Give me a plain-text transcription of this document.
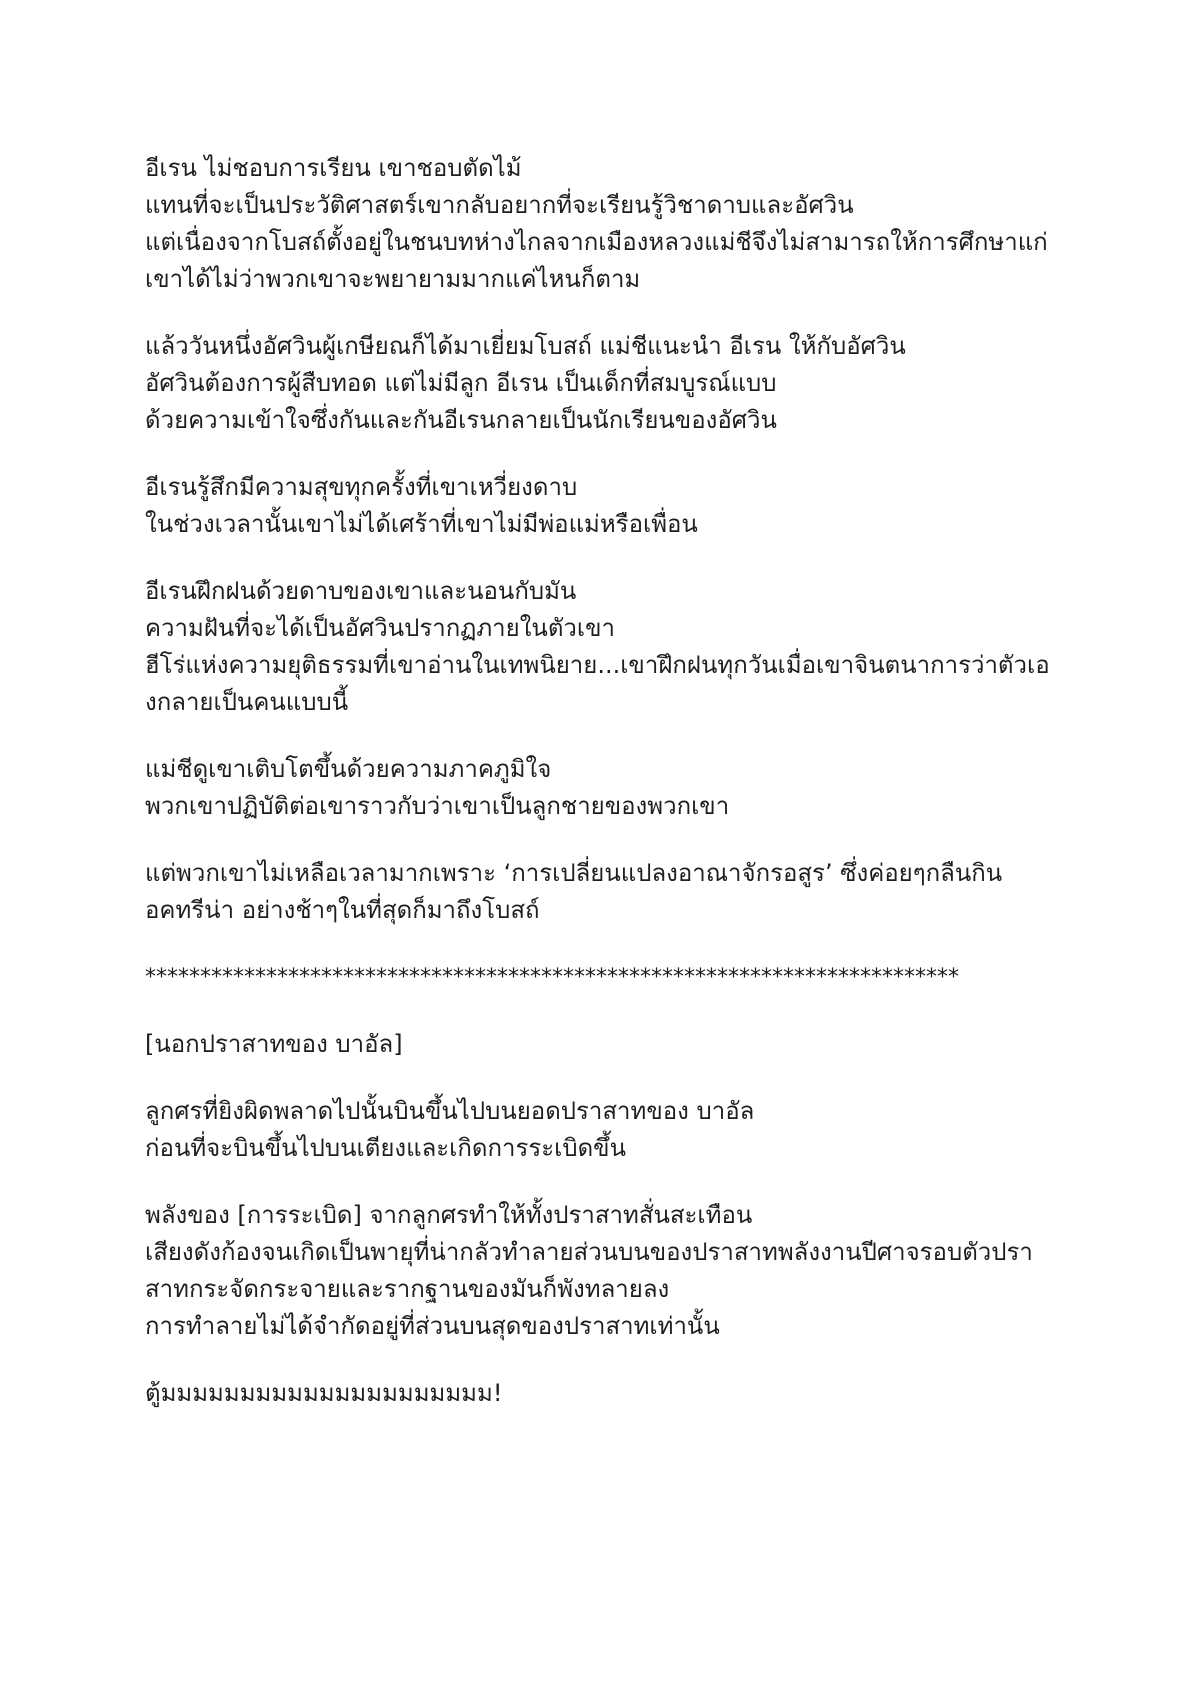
อีเรน ไม่ชอบการเรียน เขาชอบตัดไม้
แทนที่จะเป็นประวัติศาสตร์เขากลับอยากที่จะเรียนรู้วิชาดาบและอัศวิน
แต่เนื่องจากโบสถ์ตั้งอยู่ในชนบทห่างไกลจากเมืองหลวงแม่ชีจึงไม่สามารถให้การศึกษาแก่
เขาได้ไม่ว่าพวกเขาจะพยายามมากแค่ไหนก็ตาม

แล้ววันหนึ่งอัศวินผู้เกษียณก็ได้มาเยี่ยมโบสถ์ แม่ชีแนะนำ อีเรน ให้กับอัศวิน
อัศวินต้องการผู้สืบทอด แต่ไม่มีลูก อีเรน เป็นเด็กที่สมบูรณ์แบบ
ด้วยความเข้าใจซึ่งกันและกันอีเรนกลายเป็นนักเรียนของอัศวิน

อีเรนรู้สึกมีความสุขทุกครั้งที่เขาเหวี่ยงดาบ
ในช่วงเวลานั้นเขาไม่ได้เศร้าที่เขาไม่มีพ่อแม่หรือเพื่อน

อีเรนฝึกฝนด้วยดาบของเขาและนอนกับมัน
ความฝันที่จะได้เป็นอัศวินปรากฏภายในตัวเขา
ฮีโร่แห่งความยุติธรรมที่เขาอ่านในเทพนิยาย...เขาฝึกฝนทุกวันเมื่อเขาจินตนาการว่าตัวเอ
งกลายเป็นคนแบบนี้

แม่ชีดูเขาเติบโตขึ้นด้วยความภาคภูมิใจ
พวกเขาปฏิบัติต่อเขาราวกับว่าเขาเป็นลูกชายของพวกเขา

แต่พวกเขาไม่เหลือเวลามากเพราะ ‘การเปลี่ยนแปลงอาณาจักรอสูร’ ซึ่งค่อยๆกลืนกิน
อคทรีน่า อย่างช้าๆในที่สุดก็มาถึงโบสถ์

**************************************************************************

[นอกปราสาทของ บาอัล]

ลูกศรที่ยิงผิดพลาดไปนั้นบินขึ้นไปบนยอดปราสาทของ บาอัล
ก่อนที่จะบินขึ้นไปบนเตียงและเกิดการระเบิดขึ้น

พลังของ [การระเบิด] จากลูกศรทำให้ทั้งปราสาทสั่นสะเทือน
เสียงดังก้องจนเกิดเป็นพายุที่น่ากลัวทำลายส่วนบนของปราสาทพลังงานปีศาจรอบตัวปรา
สาทกระจัดกระจายและรากฐานของมันก็พังทลายลง
การทำลายไม่ได้จำกัดอยู่ที่ส่วนบนสุดของปราสาทเท่านั้น

ตู้มมมมมมมมมมมมมมมมมมมมม!
